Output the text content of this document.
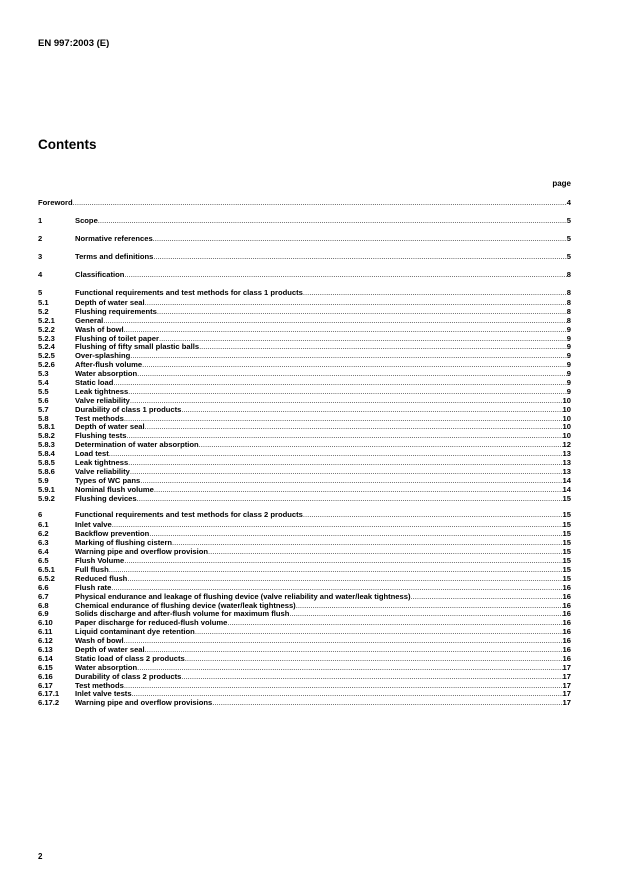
EN 997:2003 (E)
Contents
page
Foreword .....	4
1	Scope .....	5
2	Normative references .....	5
3	Terms and definitions .....	5
4	Classification .....	8
5	Functional requirements and test methods for class 1 products .....	8
5.1	Depth of water seal .....	8
5.2	Flushing requirements .....	8
5.2.1	General .....	8
5.2.2	Wash of bowl .....	9
5.2.3	Flushing of toilet paper .....	9
5.2.4	Flushing of fifty small plastic balls .....	9
5.2.5	Over-splashing .....	9
5.2.6	After-flush volume .....	9
5.3	Water absorption .....	9
5.4	Static load .....	9
5.5	Leak tightness .....	9
5.6	Valve reliability .....	10
5.7	Durability of class 1 products .....	10
5.8	Test methods .....	10
5.8.1	Depth of water seal .....	10
5.8.2	Flushing tests .....	10
5.8.3	Determination of water absorption .....	12
5.8.4	Load test .....	13
5.8.5	Leak tightness .....	13
5.8.6	Valve reliability .....	13
5.9	Types of WC pans .....	14
5.9.1	Nominal flush volume .....	14
5.9.2	Flushing devices .....	15
6	Functional requirements and test methods for class 2 products .....	15
6.1	Inlet valve .....	15
6.2	Backflow prevention .....	15
6.3	Marking of flushing cistern .....	15
6.4	Warning pipe and overflow provision .....	15
6.5	Flush Volume .....	15
6.5.1	Full flush .....	15
6.5.2	Reduced flush .....	15
6.6	Flush rate .....	16
6.7	Physical endurance and leakage of flushing device (valve reliability and water/leak tightness) .....	16
6.8	Chemical endurance of flushing device (water/leak tightness) .....	16
6.9	Solids discharge and after-flush volume for maximum flush .....	16
6.10	Paper discharge for reduced-flush volume .....	16
6.11	Liquid contaminant dye retention .....	16
6.12	Wash of bowl .....	16
6.13	Depth of water seal .....	16
6.14	Static load of class 2 products .....	16
6.15	Water absorption .....	17
6.16	Durability of class 2 products .....	17
6.17	Test methods .....	17
6.17.1 Inlet valve tests .....	17
6.17.2 Warning pipe and overflow provisions .....	17
2
